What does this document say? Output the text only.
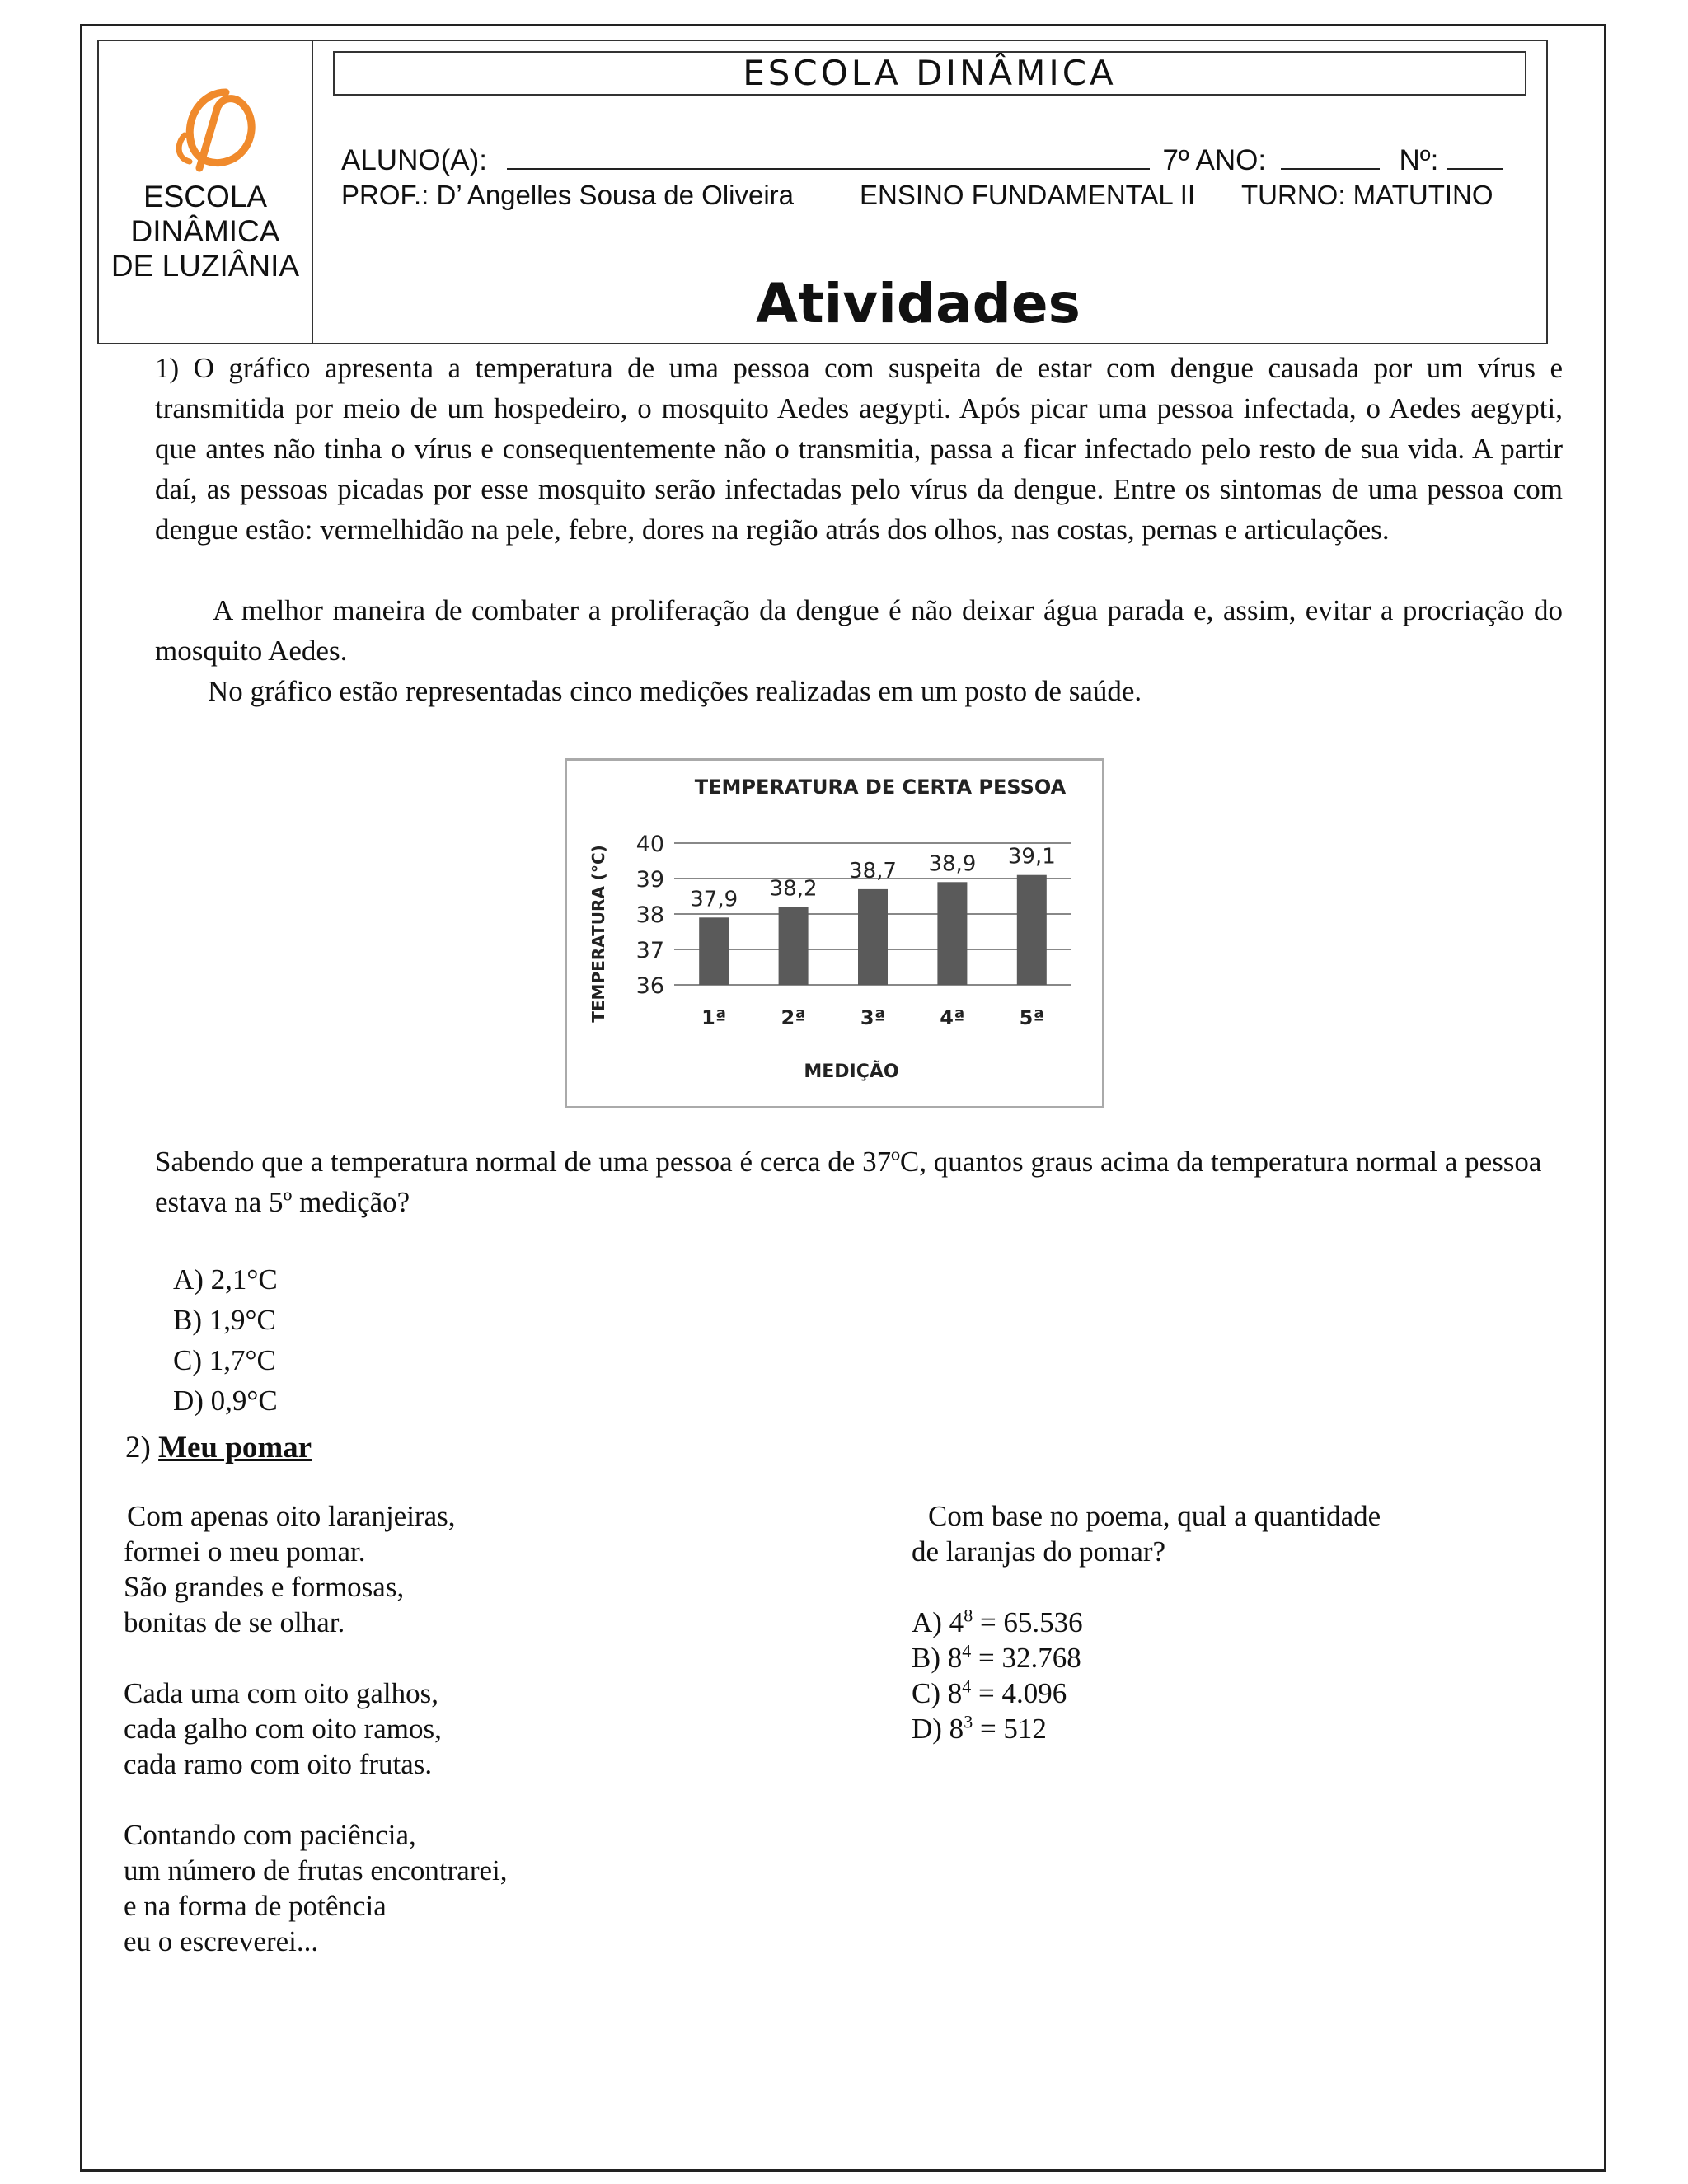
ESCOLA
DINÂMICA
DE LUZIÂNIA
ESCOLA DINÂMICA
ALUNO(A):	7º ANO:	Nº:
PROF.: D’ Angelles Sousa de Oliveira ENSINO FUNDAMENTAL II TURNO: MATUTINO
Atividades

1) O gráfico apresenta a temperatura de uma pessoa com suspeita de estar com dengue causada por um vírus e transmitida por meio de um hospedeiro, o mosquito Aedes aegypti. Após picar uma pessoa infectada, o Aedes aegypti, que antes não tinha o vírus e consequentemente não o transmitia, passa a ficar infectado pelo resto de sua vida. A partir daí, as pessoas picadas por esse mosquito serão infectadas pelo vírus da dengue. Entre os sintomas de uma pessoa com dengue estão: vermelhidão na pele, febre, dores na região atrás dos olhos, nas costas, pernas e articulações.

A melhor maneira de combater a proliferação da dengue é não deixar água parada e, assim, evitar a procriação do mosquito Aedes.

No gráfico estão representadas cinco medições realizadas em um posto de saúde.

TEMPERATURA DE CERTA PESSOA
TEMPERATURA (°C)
MEDIÇÃO
36
37
38
39
40
37,9
1ª
38,2
2ª
38,7
3ª
38,9
4ª
39,1
5ª

Sabendo que a temperatura normal de uma pessoa é cerca de 37ºC, quantos graus acima da temperatura normal a pessoa estava na 5º medição?

A) 2,1°C
B) 1,9°C
C) 1,7°C
D) 0,9°C
2) Meu pomar
Com apenas oito laranjeiras,
formei o meu pomar.
São grandes e formosas,
bonitas de se olhar.
Cada uma com oito galhos,
cada galho com oito ramos,
cada ramo com oito frutas.
Contando com paciência,
um número de frutas encontrarei,
e na forma de potência
eu o escreverei...
Com base no poema, qual a quantidade
de laranjas do pomar?
A) $4^8 = 65.536$
B) $8^4 = 32.768$
C) $8^4 = 4.096$
D) $8^3 = 512$
